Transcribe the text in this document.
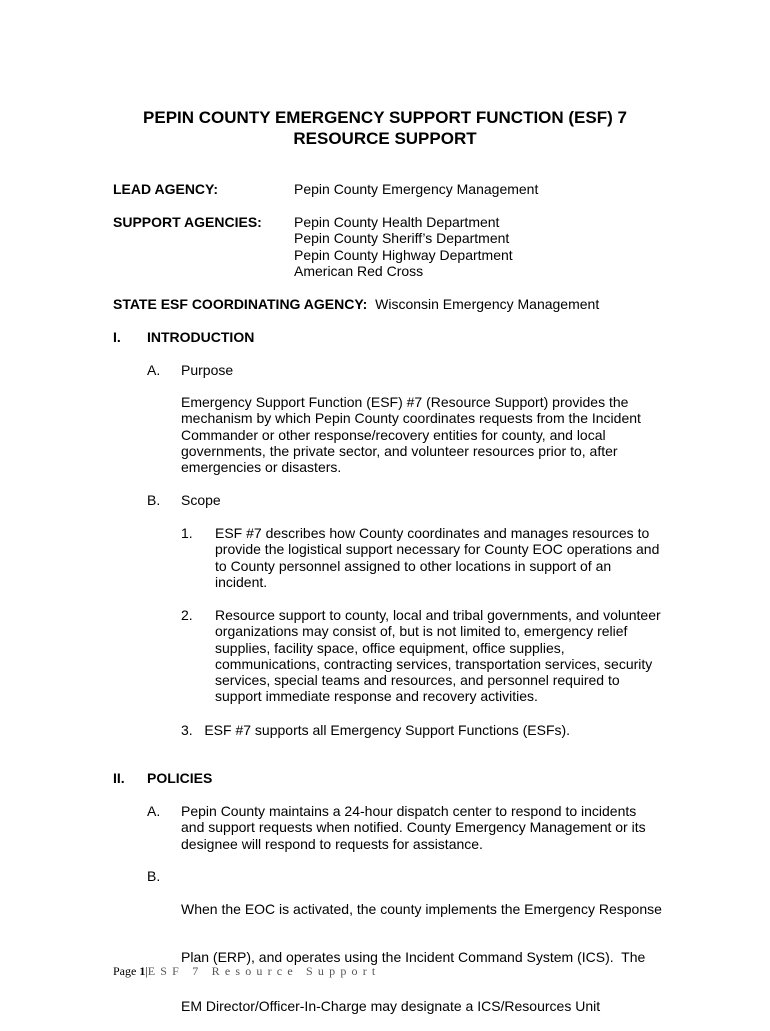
PEPIN COUNTY EMERGENCY SUPPORT FUNCTION (ESF) 7
RESOURCE SUPPORT
LEAD AGENCY:	Pepin County Emergency Management
SUPPORT AGENCIES: Pepin County Health Department
Pepin County Sheriff’s Department
Pepin County Highway Department
American Red Cross
STATE ESF COORDINATING AGENCY: Wisconsin Emergency Management
I. INTRODUCTION
A. Purpose
Emergency Support Function (ESF) #7 (Resource Support) provides the
mechanism by which Pepin County coordinates requests from the Incident
Commander or other response/recovery entities for county, and local
governments, the private sector, and volunteer resources prior to, after
emergencies or disasters.
B. Scope
1. ESF #7 describes how County coordinates and manages resources to
provide the logistical support necessary for County EOC operations and
to County personnel assigned to other locations in support of an
incident.
2. Resource support to county, local and tribal governments, and volunteer
organizations may consist of, but is not limited to, emergency relief
supplies, facility space, office equipment, office supplies,
communications, contracting services, transportation services, security
services, special teams and resources, and personnel required to
support immediate response and recovery activities.
3.   ESF #7 supports all Emergency Support Functions (ESFs).
II. POLICIES
A. Pepin County maintains a 24-hour dispatch center to respond to incidents
and support requests when notified. County Emergency Management or its
designee will respond to requests for assistance.
B.

When the EOC is activated, the county implements the Emergency Response

Plan (ERP), and operates using the Incident Command System (ICS).  The

EM Director/Officer-In-Charge may designate a ICS/Resources Unit

Page 1|ESF 7 Resource Support
